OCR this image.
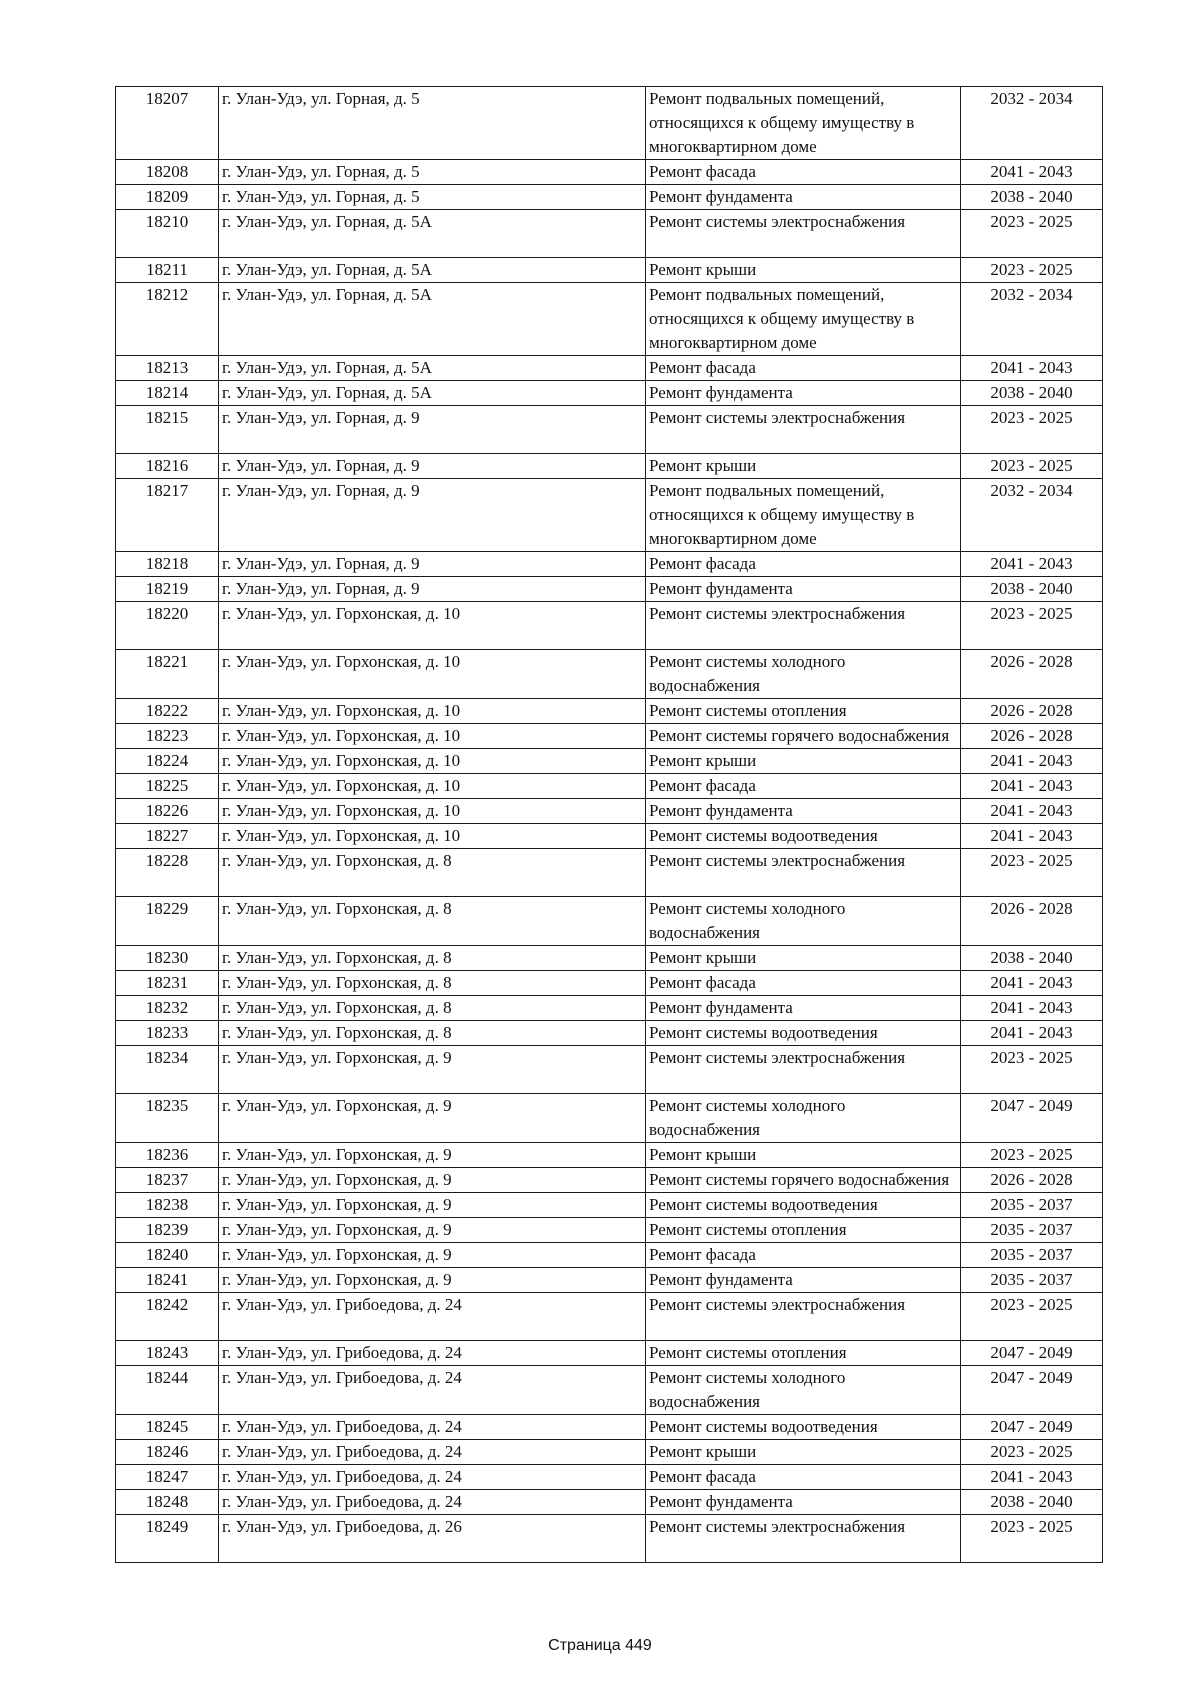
18207	г. Улан-Удэ, ул. Горная, д. 5	Ремонт подвальных помещений, относящихся к общему имуществу в многоквартирном доме	2032 - 2034
18208	г. Улан-Удэ, ул. Горная, д. 5	Ремонт фасада	2041 - 2043
18209	г. Улан-Удэ, ул. Горная, д. 5	Ремонт фундамента	2038 - 2040
18210	г. Улан-Удэ, ул. Горная, д. 5А	Ремонт системы электроснабжения	2023 - 2025
18211	г. Улан-Удэ, ул. Горная, д. 5А	Ремонт крыши	2023 - 2025
18212	г. Улан-Удэ, ул. Горная, д. 5А	Ремонт подвальных помещений, относящихся к общему имуществу в многоквартирном доме	2032 - 2034
18213	г. Улан-Удэ, ул. Горная, д. 5А	Ремонт фасада	2041 - 2043
18214	г. Улан-Удэ, ул. Горная, д. 5А	Ремонт фундамента	2038 - 2040
18215	г. Улан-Удэ, ул. Горная, д. 9	Ремонт системы электроснабжения	2023 - 2025
18216	г. Улан-Удэ, ул. Горная, д. 9	Ремонт крыши	2023 - 2025
18217	г. Улан-Удэ, ул. Горная, д. 9	Ремонт подвальных помещений, относящихся к общему имуществу в многоквартирном доме	2032 - 2034
18218	г. Улан-Удэ, ул. Горная, д. 9	Ремонт фасада	2041 - 2043
18219	г. Улан-Удэ, ул. Горная, д. 9	Ремонт фундамента	2038 - 2040
18220	г. Улан-Удэ, ул. Горхонская, д. 10	Ремонт системы электроснабжения	2023 - 2025
18221	г. Улан-Удэ, ул. Горхонская, д. 10	Ремонт системы холодного водоснабжения	2026 - 2028
18222	г. Улан-Удэ, ул. Горхонская, д. 10	Ремонт системы отопления	2026 - 2028
18223	г. Улан-Удэ, ул. Горхонская, д. 10	Ремонт системы горячего водоснабжения	2026 - 2028
18224	г. Улан-Удэ, ул. Горхонская, д. 10	Ремонт крыши	2041 - 2043
18225	г. Улан-Удэ, ул. Горхонская, д. 10	Ремонт фасада	2041 - 2043
18226	г. Улан-Удэ, ул. Горхонская, д. 10	Ремонт фундамента	2041 - 2043
18227	г. Улан-Удэ, ул. Горхонская, д. 10	Ремонт системы водоотведения	2041 - 2043
18228	г. Улан-Удэ, ул. Горхонская, д. 8	Ремонт системы электроснабжения	2023 - 2025
18229	г. Улан-Удэ, ул. Горхонская, д. 8	Ремонт системы холодного водоснабжения	2026 - 2028
18230	г. Улан-Удэ, ул. Горхонская, д. 8	Ремонт крыши	2038 - 2040
18231	г. Улан-Удэ, ул. Горхонская, д. 8	Ремонт фасада	2041 - 2043
18232	г. Улан-Удэ, ул. Горхонская, д. 8	Ремонт фундамента	2041 - 2043
18233	г. Улан-Удэ, ул. Горхонская, д. 8	Ремонт системы водоотведения	2041 - 2043
18234	г. Улан-Удэ, ул. Горхонская, д. 9	Ремонт системы электроснабжения	2023 - 2025
18235	г. Улан-Удэ, ул. Горхонская, д. 9	Ремонт системы холодного водоснабжения	2047 - 2049
18236	г. Улан-Удэ, ул. Горхонская, д. 9	Ремонт крыши	2023 - 2025
18237	г. Улан-Удэ, ул. Горхонская, д. 9	Ремонт системы горячего водоснабжения	2026 - 2028
18238	г. Улан-Удэ, ул. Горхонская, д. 9	Ремонт системы водоотведения	2035 - 2037
18239	г. Улан-Удэ, ул. Горхонская, д. 9	Ремонт системы отопления	2035 - 2037
18240	г. Улан-Удэ, ул. Горхонская, д. 9	Ремонт фасада	2035 - 2037
18241	г. Улан-Удэ, ул. Горхонская, д. 9	Ремонт фундамента	2035 - 2037
18242	г. Улан-Удэ, ул. Грибоедова, д. 24	Ремонт системы электроснабжения	2023 - 2025
18243	г. Улан-Удэ, ул. Грибоедова, д. 24	Ремонт системы отопления	2047 - 2049
18244	г. Улан-Удэ, ул. Грибоедова, д. 24	Ремонт системы холодного водоснабжения	2047 - 2049
18245	г. Улан-Удэ, ул. Грибоедова, д. 24	Ремонт системы водоотведения	2047 - 2049
18246	г. Улан-Удэ, ул. Грибоедова, д. 24	Ремонт крыши	2023 - 2025
18247	г. Улан-Удэ, ул. Грибоедова, д. 24	Ремонт фасада	2041 - 2043
18248	г. Улан-Удэ, ул. Грибоедова, д. 24	Ремонт фундамента	2038 - 2040
18249	г. Улан-Удэ, ул. Грибоедова, д. 26	Ремонт системы электроснабжения	2023 - 2025
Страница 449
